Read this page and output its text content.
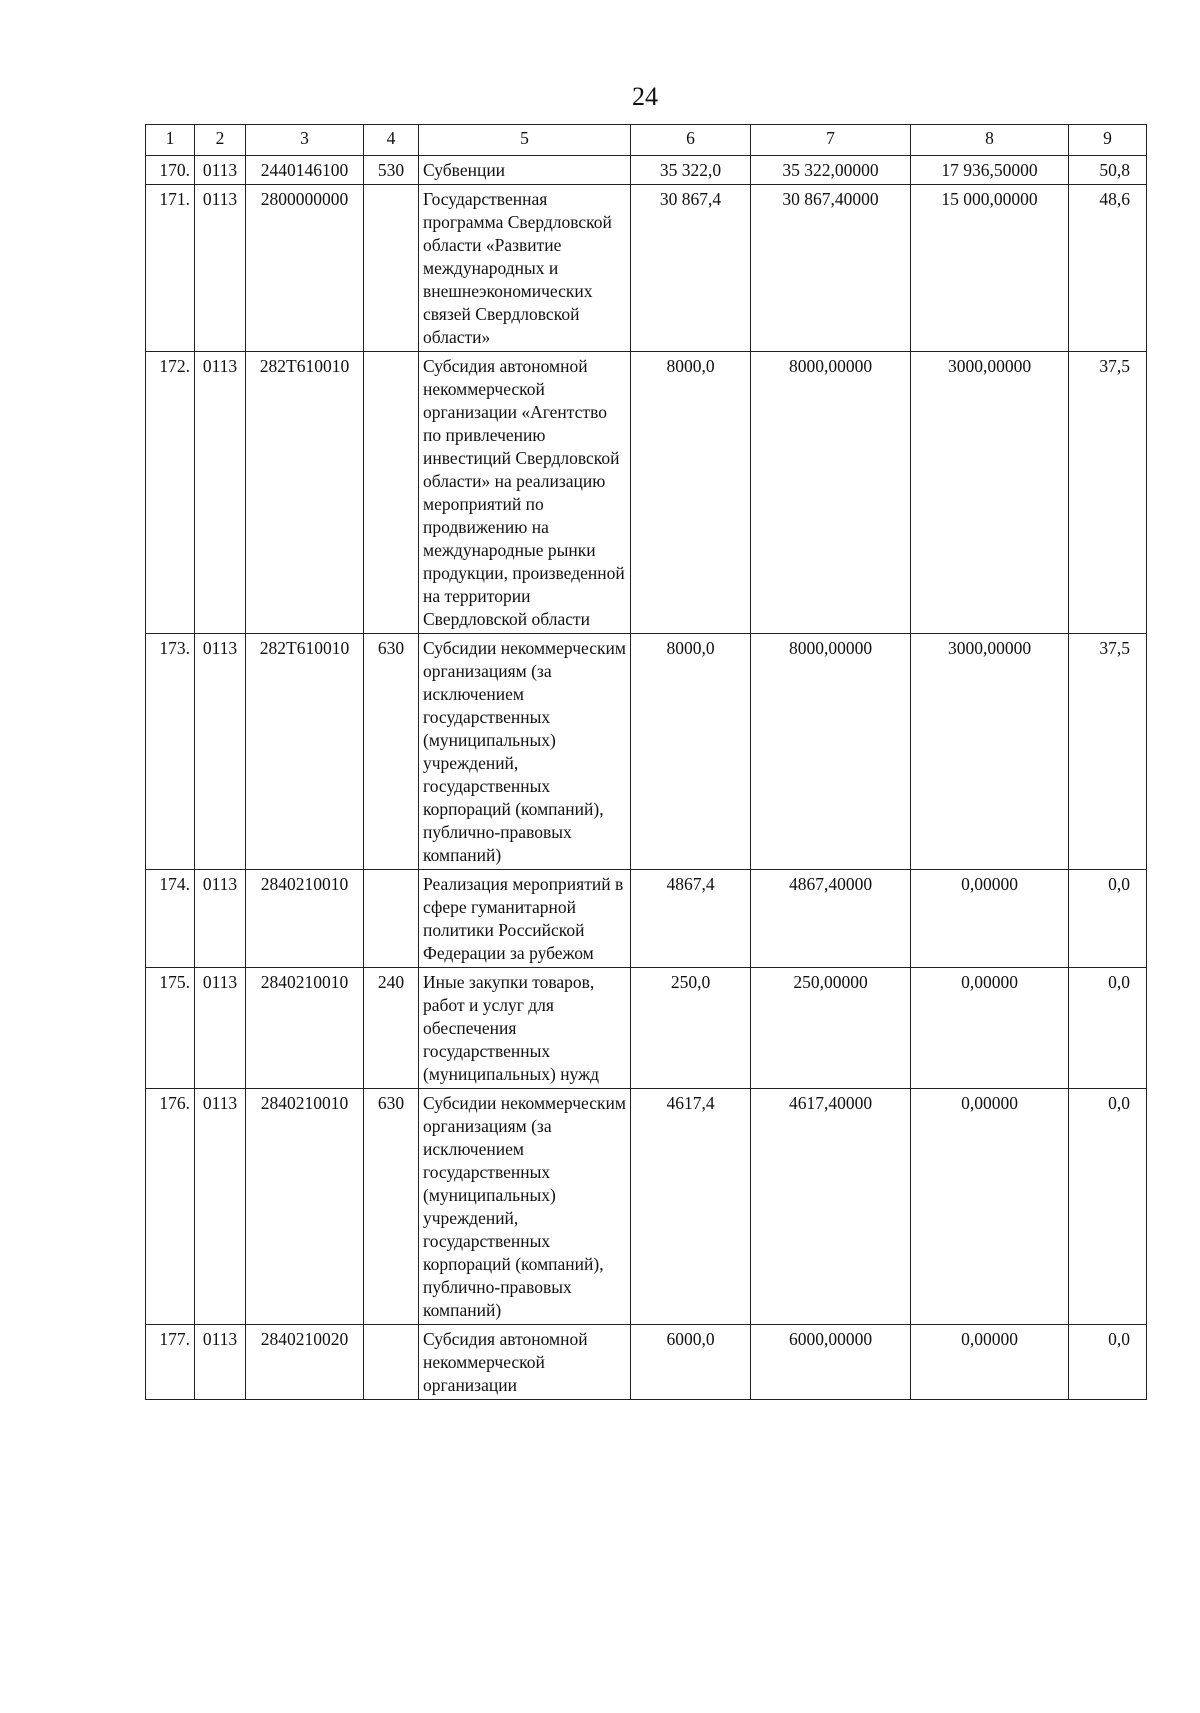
24
1	2	3	4	5	6	7	8	9
170.	0113	2440146100	530	Субвенции	35 322,0	35 322,00000	17 936,50000	50,8
171.	0113	2800000000		Государственная программа Свердловской области «Развитие международных и внешнеэкономических связей Свердловской области»	30 867,4	30 867,40000	15 000,00000	48,6
172.	0113	282Т610010		Субсидия автономной некоммерческой организации «Агентство по привлечению инвестиций Свердловской области» на реализацию мероприятий по продвижению на международные рынки продукции, произведенной на территории Свердловской области	8000,0	8000,00000	3000,00000	37,5
173.	0113	282Т610010	630	Субсидии некоммерческим организациям (за исключением государственных (муниципальных) учреждений, государственных корпораций (компаний), публично-правовых компаний)	8000,0	8000,00000	3000,00000	37,5
174.	0113	2840210010		Реализация мероприятий в сфере гуманитарной политики Российской Федерации за рубежом	4867,4	4867,40000	0,00000	0,0
175.	0113	2840210010	240	Иные закупки товаров, работ и услуг для обеспечения государственных (муниципальных) нужд	250,0	250,00000	0,00000	0,0
176.	0113	2840210010	630	Субсидии некоммерческим организациям (за исключением государственных (муниципальных) учреждений, государственных корпораций (компаний), публично-правовых компаний)	4617,4	4617,40000	0,00000	0,0
177.	0113	2840210020		Субсидия автономной некоммерческой организации	6000,0	6000,00000	0,00000	0,0
